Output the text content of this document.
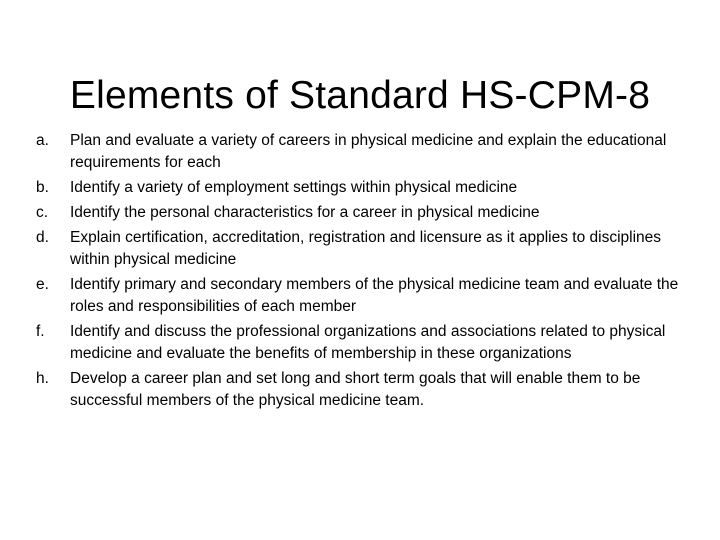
Elements of Standard HS-CPM-8
a.	Plan and evaluate a variety of careers in physical medicine and explain the educational requirements for each
b.	Identify a variety of employment settings within physical medicine
c.	Identify the personal characteristics for a career in physical medicine
d.	Explain certification, accreditation, registration and licensure as it applies to disciplines within physical medicine
e.	Identify primary and secondary members of the physical medicine team and evaluate the roles and responsibilities of each member
f.	Identify and discuss the professional organizations and associations related to physical medicine and evaluate the benefits of membership in these organizations
h.	Develop a career plan and set long and short term goals that will enable them to be successful members of the physical medicine team.
